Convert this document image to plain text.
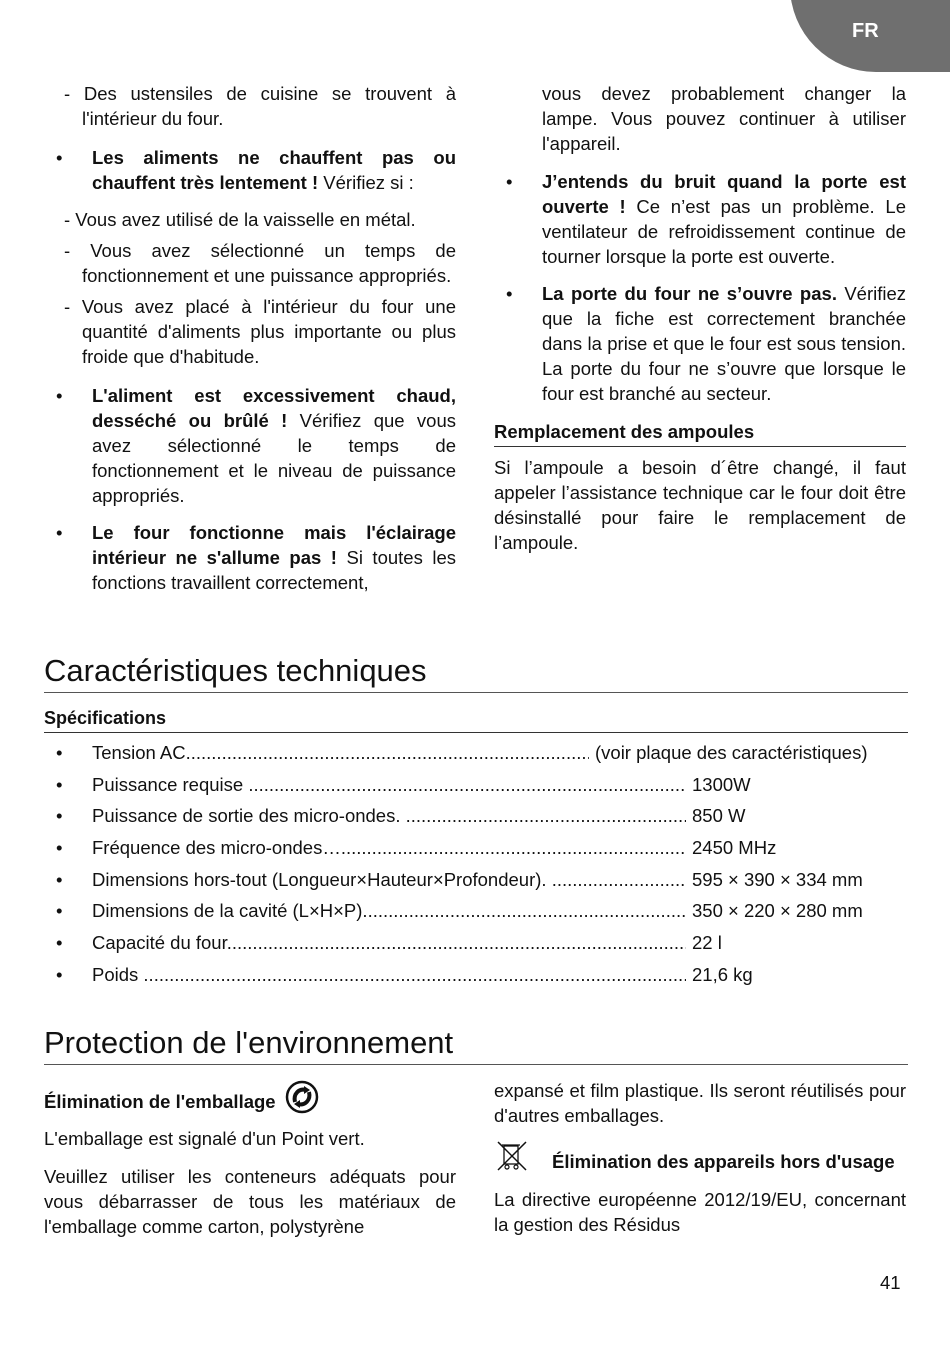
FR

- Des ustensiles de cuisine se trouvent à l'intérieur du four.

• Les aliments ne chauffent pas ou chauffent très lentement ! Vérifiez si :

- Vous avez utilisé de la vaisselle en métal.

- Vous avez sélectionné un temps de fonctionnement et une puissance appropriés.

- Vous avez placé à l'intérieur du four une quantité d'aliments plus importante ou plus froide que d'habitude.

• L'aliment est excessivement chaud, desséché ou brûlé ! Vérifiez que vous avez sélectionné le temps de fonctionnement et le niveau de puissance appropriés.

• Le four fonctionne mais l'éclairage intérieur ne s'allume pas ! Si toutes les fonctions travaillent correctement,

vous devez probablement changer la lampe. Vous pouvez continuer à utiliser l'appareil.

• J’entends du bruit quand la porte est ouverte ! Ce n’est pas un problème. Le ventilateur de refroidissement continue de tourner lorsque la porte est ouverte.

• La porte du four ne s’ouvre pas. Vérifiez que la fiche est correctement branchée dans la prise et que le four est sous tension. La porte du four ne s’ouvre que lorsque le four est branché au secteur.

Remplacement des ampoules

Si l’ampoule a besoin d´être changé, il faut appeler l’assistance technique car le four doit être désinstallé pour faire le remplacement de l’ampoule.

Caractéristiques techniques
Spécifications
• Tension AC .....	(voir plaque des caractéristiques)
• Puissance requise .....	1300W
• Puissance de sortie des micro-ondes. .....	850 W
• Fréquence des micro-ondes… .....	2450 MHz
• Dimensions hors-tout (Longueur×Hauteur×Profondeur). .....	595 × 390 × 334 mm
• Dimensions de la cavité (L×H×P). .....	350 × 220 × 280 mm
• Capacité du four .....	22 l
• Poids .....	21,6 kg
Protection de l'environnement

Élimination de l'emballage

L'emballage est signalé d'un Point vert.

Veuillez utiliser les conteneurs adéquats pour vous débarrasser de tous les matériaux de l'emballage comme carton, polystyrène

expansé et film plastique. Ils seront réutilisés pour d'autres emballages.

Élimination des appareils hors d'usage

La directive européenne 2012/19/EU, concernant la gestion des Résidus

41
